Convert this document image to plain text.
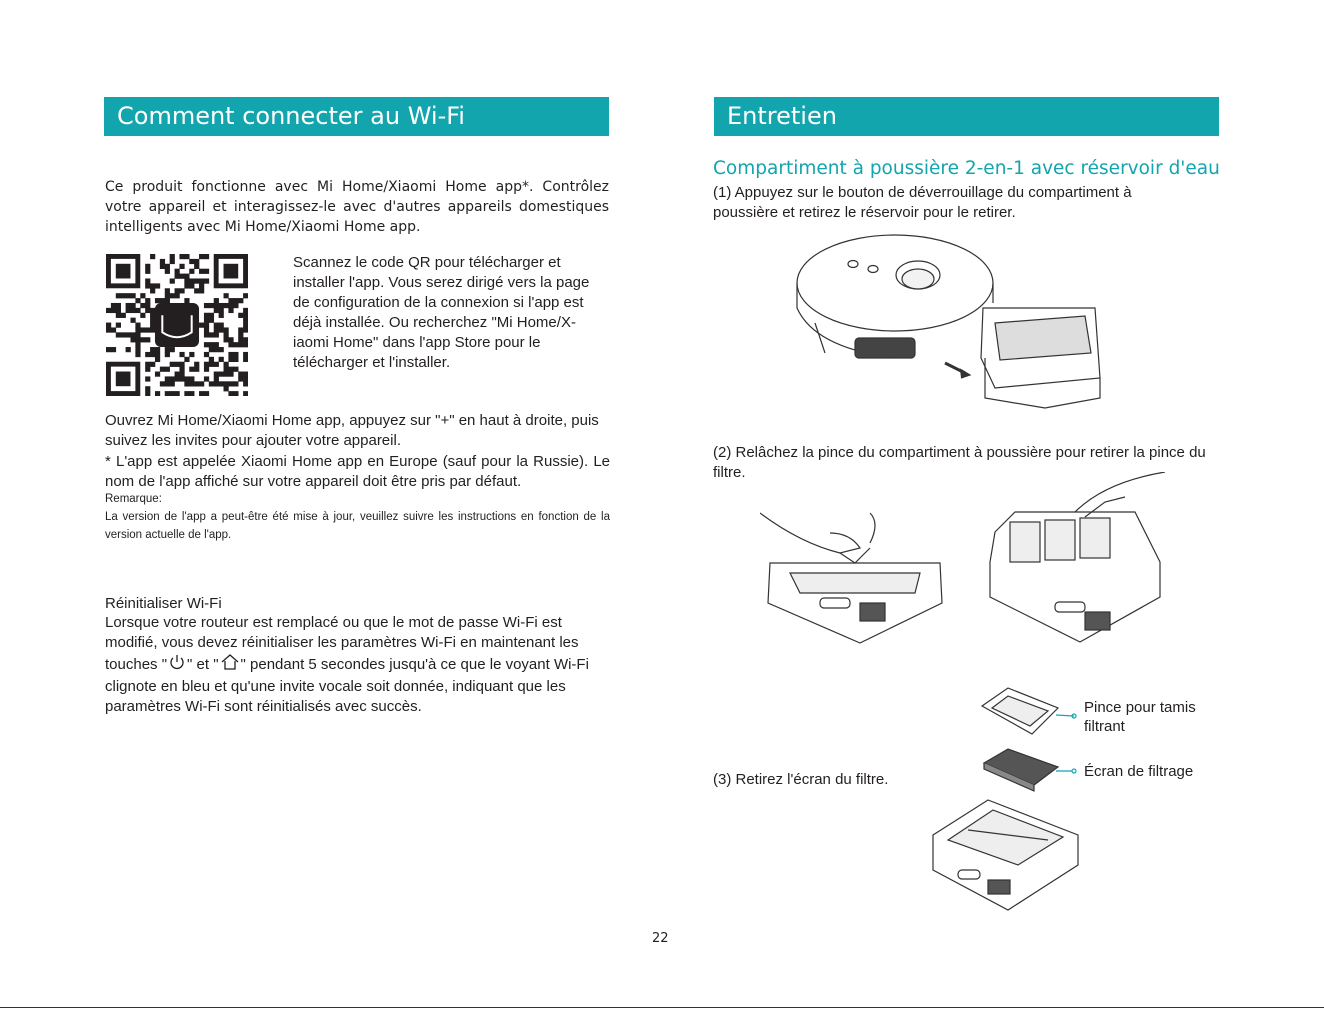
Comment connecter au Wi-Fi

Ce produit fonctionne avec Mi Home/Xiaomi Home app*. Contrôlez votre appareil et interagissez-le avec d'autres appareils domestiques intelligents avec Mi Home/Xiaomi Home app.

Scannez le code QR pour télécharger et installer l'app. Vous serez dirigé vers la page de configuration de la connexion si l'app est déjà installée. Ou recherchez "Mi Home/X-iaomi Home" dans l'app Store pour le télécharger et l'installer.

Ouvrez Mi Home/Xiaomi Home app, appuyez sur "+" en haut à droite, puis suivez les invites pour ajouter votre appareil.

* L'app est appelée Xiaomi Home app en Europe (sauf pour la Russie). Le nom de l'app affiché sur votre appareil doit être pris par défaut.

Remarque:

La version de l'app a peut-être été mise à jour, veuillez suivre les instructions en fonction de la version actuelle de l'app.

Réinitialiser Wi-Fi

Lorsque votre routeur est remplacé ou que le mot de passe Wi-Fi est modifié, vous devez réinitialiser les paramètres Wi-Fi en maintenant les touches " " et " " pendant 5 secondes jusqu'à ce que le voyant Wi-Fi clignote en bleu et qu'une invite vocale soit donnée, indiquant que les paramètres Wi-Fi sont réinitialisés avec succès.

Entretien
Compartiment à poussière 2-en-1 avec réservoir d'eau

(1) Appuyez sur le bouton de déverrouillage du compartiment à poussière et retirez le réservoir pour le retirer.

(2) Relâchez la pince du compartiment à poussière pour retirer la pince du filtre.

Pince pour tamis filtrant
Écran de filtrage

(3) Retirez l'écran du filtre.

22
